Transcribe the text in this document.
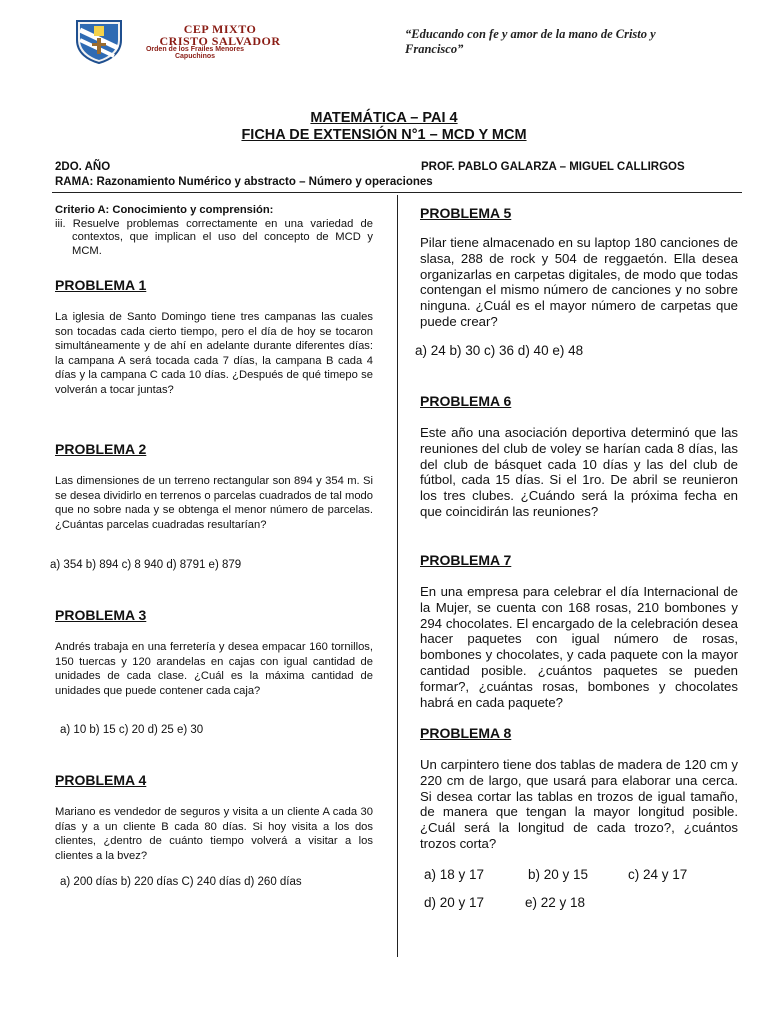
CEP MIXTO
CRISTO SALVADOR
Orden de los Frailes Menores Capuchinos
“Educando con fe y amor de la mano de Cristo y Francisco”
MATEMÁTICA – PAI 4
FICHA DE EXTENSIÓN N°1 – MCD Y MCM
2DO. AÑO	PROF. PABLO GALARZA – MIGUEL CALLIRGOS
RAMA: Razonamiento Numérico y abstracto – Número y operaciones
Criterio A: Conocimiento y comprensión:
iii. Resuelve problemas correctamente en una variedad de contextos, que implican el uso del concepto de MCD y MCM.
PROBLEMA 1
La iglesia de Santo Domingo tiene tres campanas las cuales son tocadas cada cierto tiempo, pero el día de hoy se tocaron simultáneamente y de ahí en adelante durante diferentes días: la campana A será tocada cada 7 días, la campana B cada 4 días y la campana C cada 10 días. ¿Después de qué timepo se volverán a tocar juntas?
PROBLEMA 2
Las dimensiones de un terreno rectangular son 894 y 354 m. Si se desea dividirlo en terrenos o parcelas cuadrados de tal modo que no sobre nada y se obtenga el menor número de parcelas. ¿Cuántas parcelas cuadradas resultarían?
a) 354 b) 894 c) 8 940 d) 8791 e) 879
PROBLEMA 3
Andrés trabaja en una ferretería y desea empacar 160 tornillos, 150 tuercas y 120 arandelas en cajas con igual cantidad de unidades de cada clase. ¿Cuál es la máxima cantidad de unidades que puede contener cada caja?
a) 10 b) 15 c) 20 d) 25 e) 30
PROBLEMA 4
Mariano es vendedor de seguros y visita a un cliente A cada 30 días y a un cliente B cada 80 días. Si hoy visita a los dos clientes, ¿dentro de cuánto tiempo volverá a visitar a los clientes a la bvez?
a) 200 días b) 220 días C) 240 días d) 260 días
PROBLEMA 5
Pilar tiene almacenado en su laptop 180 canciones de slasa, 288 de rock y 504 de reggaetón. Ella desea organizarlas en carpetas digitales, de modo que todas contengan el mismo número de canciones y no sobre ninguna. ¿Cuál es el mayor número de carpetas que puede crear?
a) 24 b) 30 c) 36 d) 40 e) 48
PROBLEMA 6
Este año una asociación deportiva determinó que las reuniones del club de voley se harían cada 8 días, las del club de básquet cada 10 días y las del club de fútbol, cada 15 días. Si el 1ro. De abril se reunieron los tres clubes. ¿Cuándo será la próxima fecha en que coincidirán las reuniones?
PROBLEMA 7
En una empresa para celebrar el día Internacional de la Mujer, se cuenta con 168 rosas, 210 bombones y 294 chocolates. El encargado de la celebración desea hacer paquetes con igual número de rosas, bombones y chocolates, y cada paquete con la mayor cantidad posible. ¿cuántos paquetes se pueden formar?, ¿cuántas rosas, bombones y chocolates habrá en cada paquete?
PROBLEMA 8
Un carpintero tiene dos tablas de madera de 120 cm y 220 cm de largo, que usará para elaborar una cerca. Si desea cortar las tablas en trozos de igual tamaño, de manera que tengan la mayor longitud posible. ¿Cuál será la longitud de cada trozo?, ¿cuántos trozos corta?
a) 18 y 17	b) 20 y 15	c) 24 y 17
d) 20 y 17	e) 22 y 18
